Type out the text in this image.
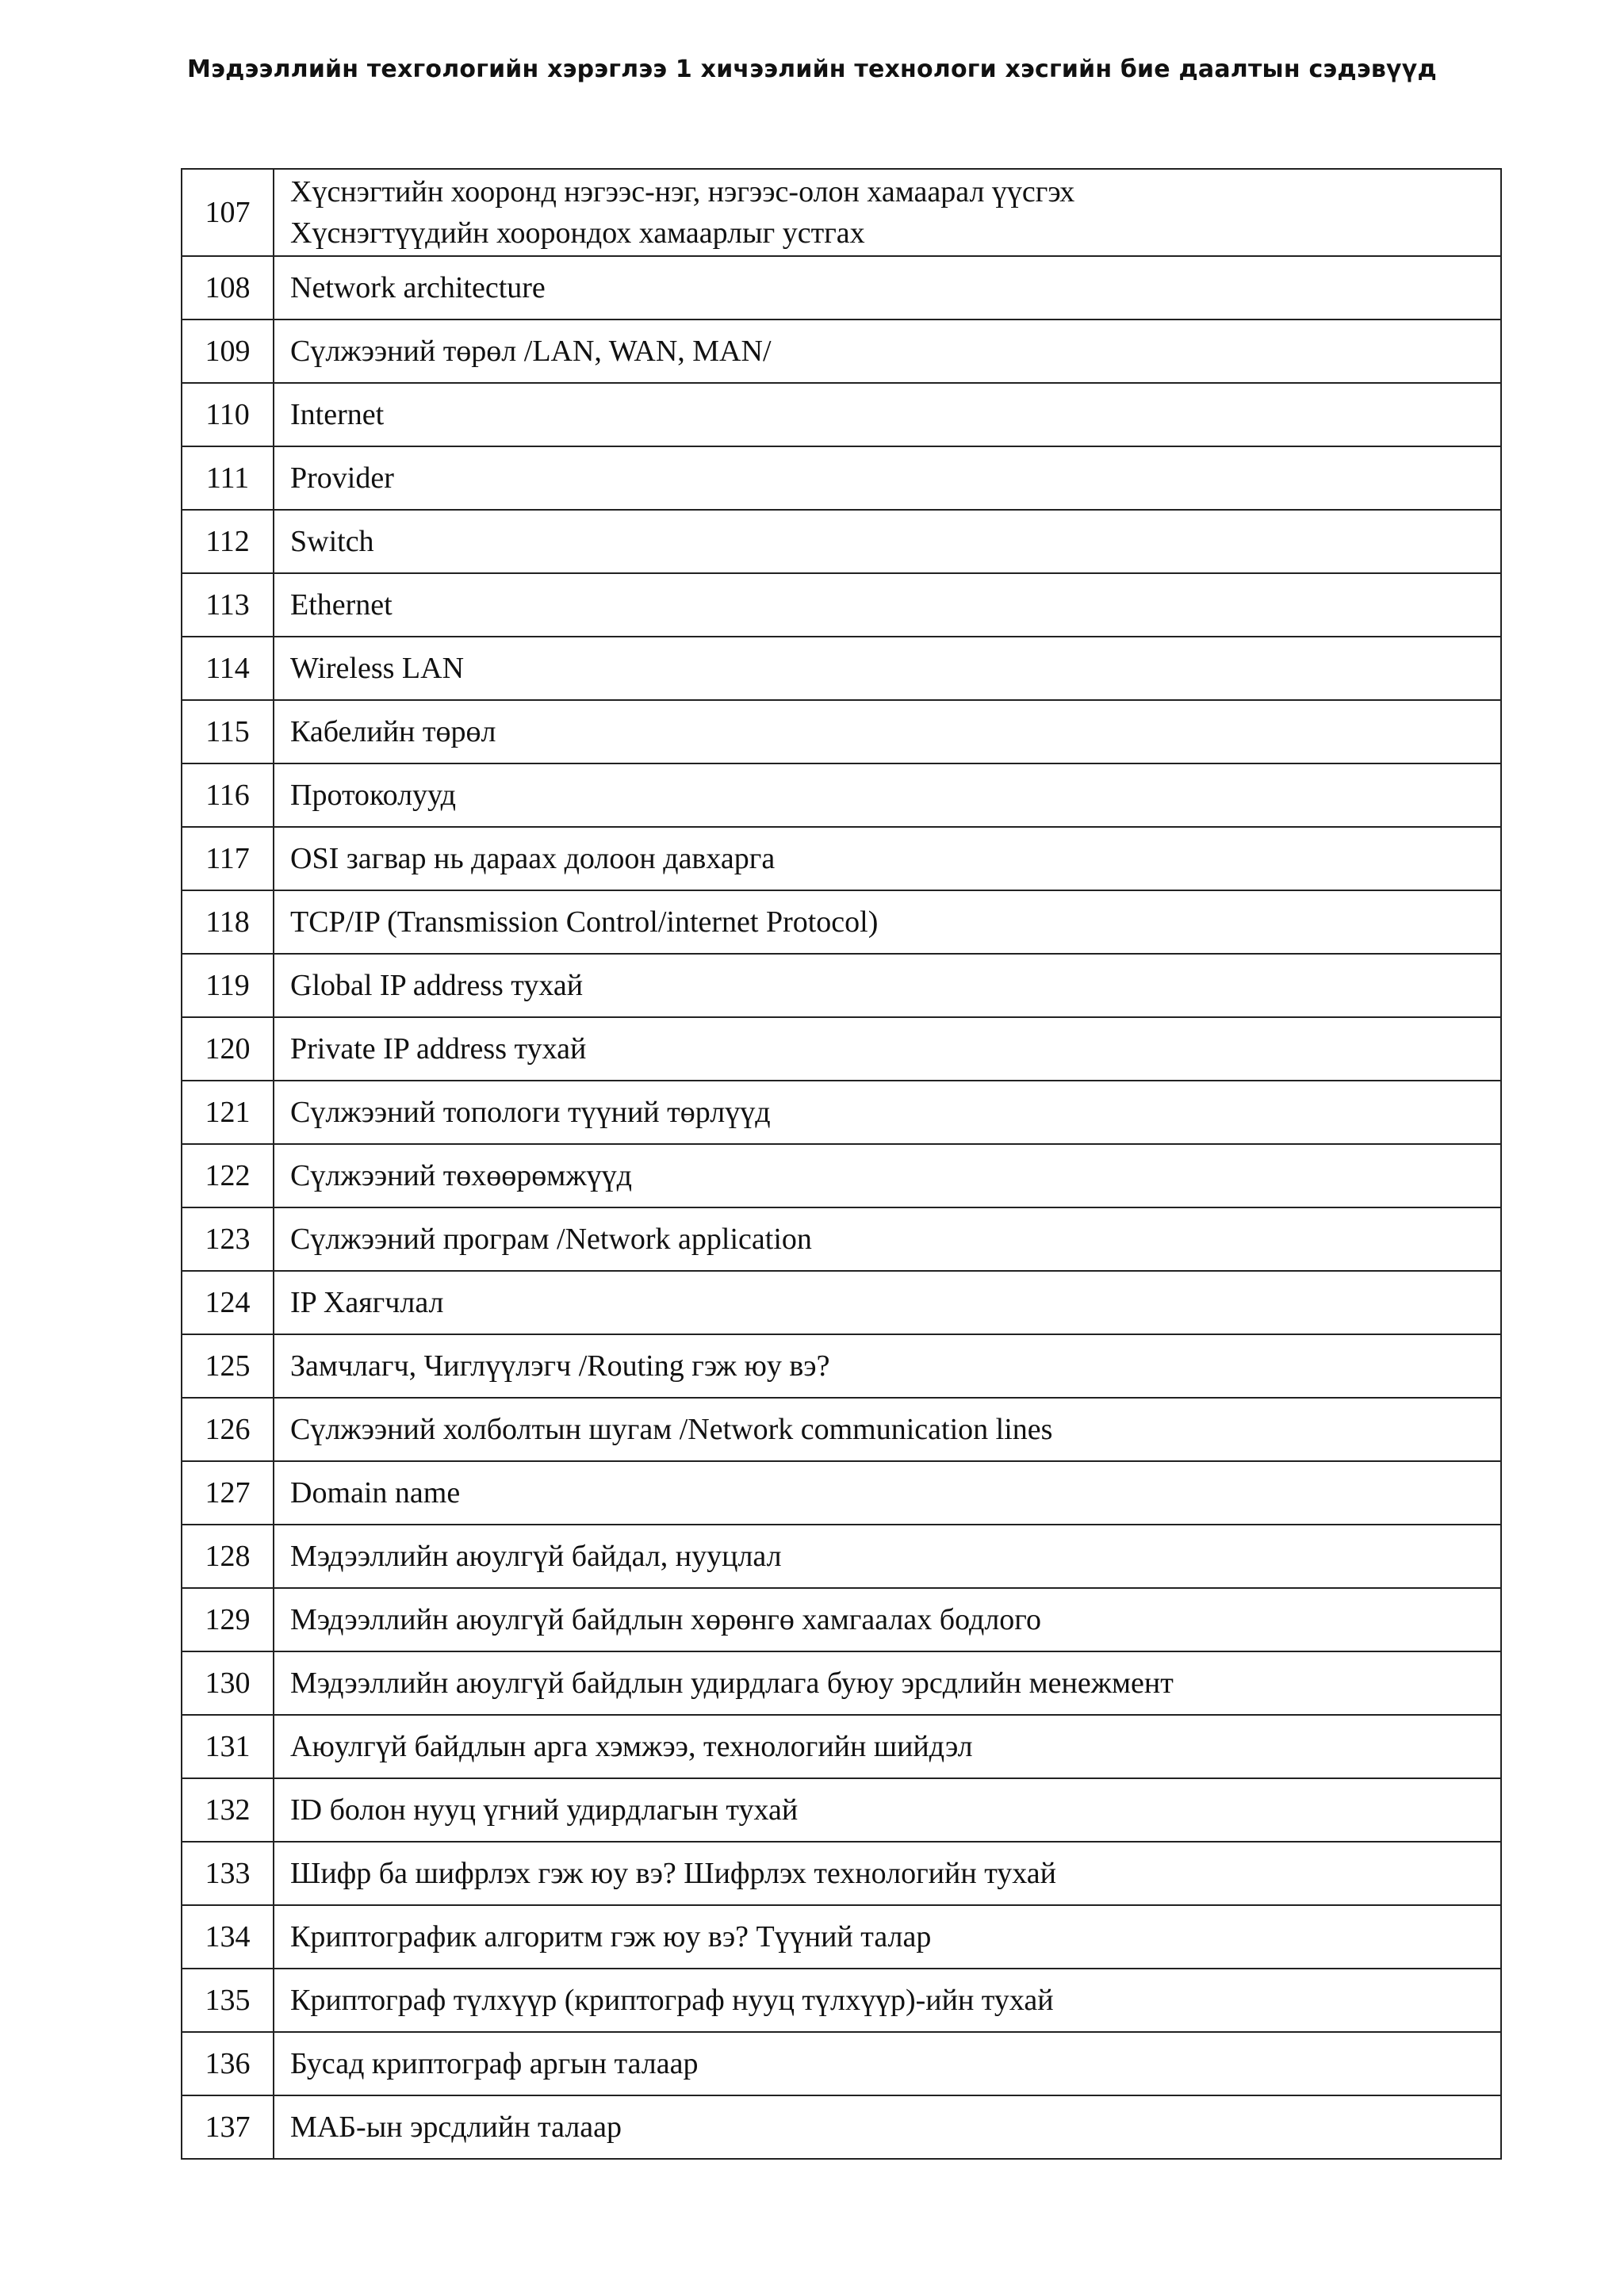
Мэдээллийн техгологийн хэрэглээ 1 хичээлийн технологи хэсгийн бие даалтын сэдэвүүд
107	Хүснэгтийн хооронд нэгээс-нэг, нэгээс-олон хамаарал үүсгэх
Хүснэгтүүдийн хоорондох хамаарлыг устгах

108	Network architecture
109	Сүлжээний төрөл /LAN, WAN, MAN/
110	Internet
111	Provider
112	Switch
113	Ethernet
114	Wireless LAN
115	Кабелийн төрөл
116	Протоколууд
117	OSI загвар нь дараах долоон давхарга
118	TCP/IP (Transmission Control/internet Protocol)
119	Global IP address тухай
120	Private IP address тухай
121	Сүлжээний топологи түүний төрлүүд
122	Сүлжээний төхөөрөмжүүд
123	Сүлжээний програм /Network application
124	IP Хаягчлал
125	Замчлагч, Чиглүүлэгч /Routing гэж юу вэ?
126	Сүлжээний холболтын шугам /Network communication lines
127	Domain name
128	Мэдээллийн аюулгүй байдал, нууцлал
129	Мэдээллийн аюулгүй байдлын хөрөнгө хамгаалах бодлого
130	Мэдээллийн аюулгүй байдлын удирдлага буюу эрсдлийн менежмент
131	Аюулгүй байдлын арга хэмжээ, технологийн шийдэл
132	ID болон нууц үгний удирдлагын тухай
133	Шифр ба шифрлэх гэж юу вэ? Шифрлэх технологийн тухай
134	Криптографик алгоритм гэж юу вэ? Түүний талар
135	Криптограф түлхүүр (криптограф нууц түлхүүр)-ийн тухай
136	Бусад криптограф аргын талаар
137	МАБ-ын эрсдлийн талаар
